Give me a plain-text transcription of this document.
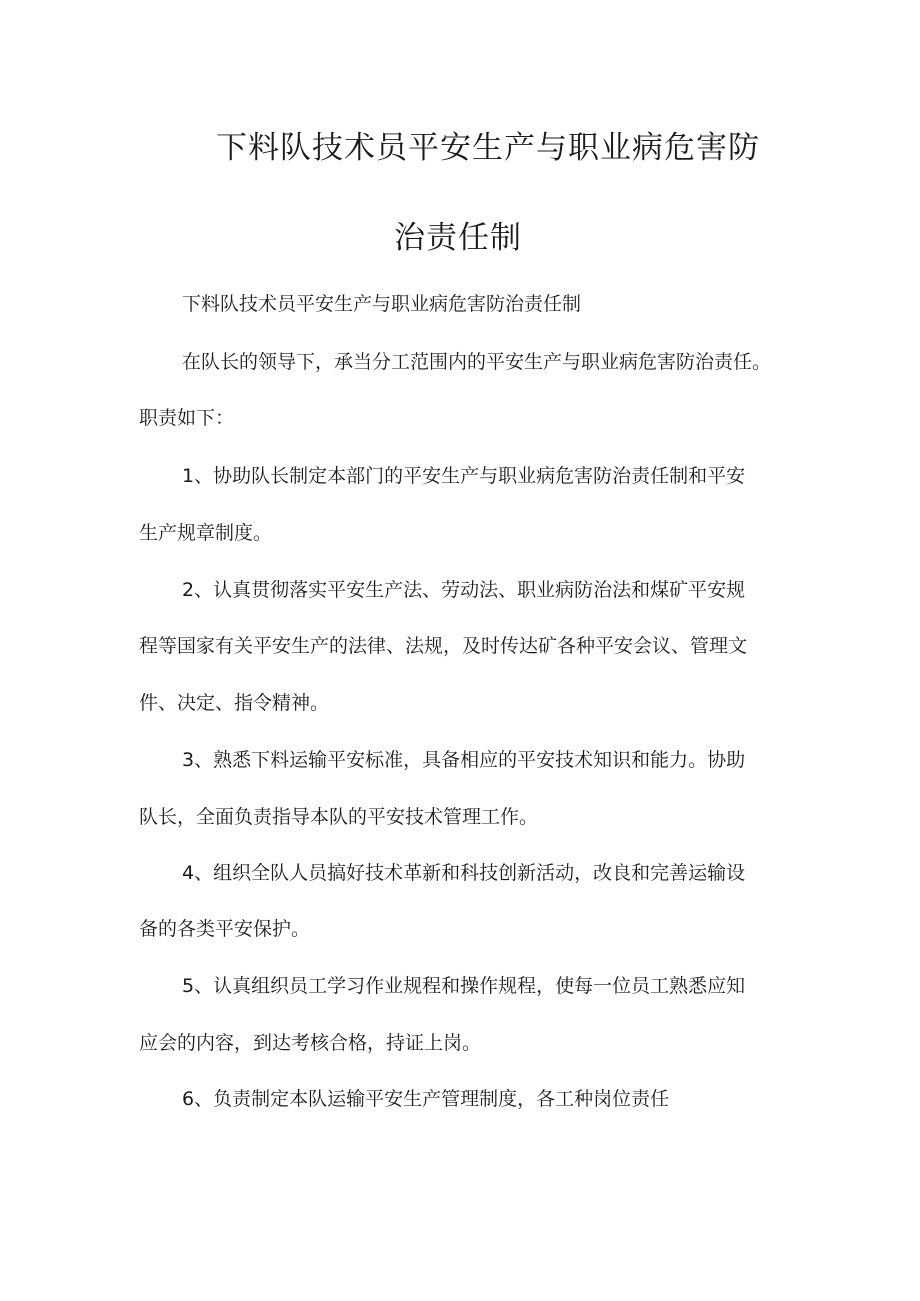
下料队技术员平安生产与职业病危害防
治责任制

下料队技术员平安生产与职业病危害防治责任制

在队长的领导下，承当分工范围内的平安生产与职业病危害防治责任。

职责如下：

1、协助队长制定本部门的平安生产与职业病危害防治责任制和平安

生产规章制度。

2、认真贯彻落实平安生产法、劳动法、职业病防治法和煤矿平安规

程等国家有关平安生产的法律、法规，及时传达矿各种平安会议、管理文

件、决定、指令精神。

3、熟悉下料运输平安标准，具备相应的平安技术知识和能力。协助

队长，全面负责指导本队的平安技术管理工作。

4、组织全队人员搞好技术革新和科技创新活动，改良和完善运输设

备的各类平安保护。

5、认真组织员工学习作业规程和操作规程，使每一位员工熟悉应知

应会的内容，到达考核合格，持证上岗。

6、负责制定本队运输平安生产管理制度，各工种岗位责任
